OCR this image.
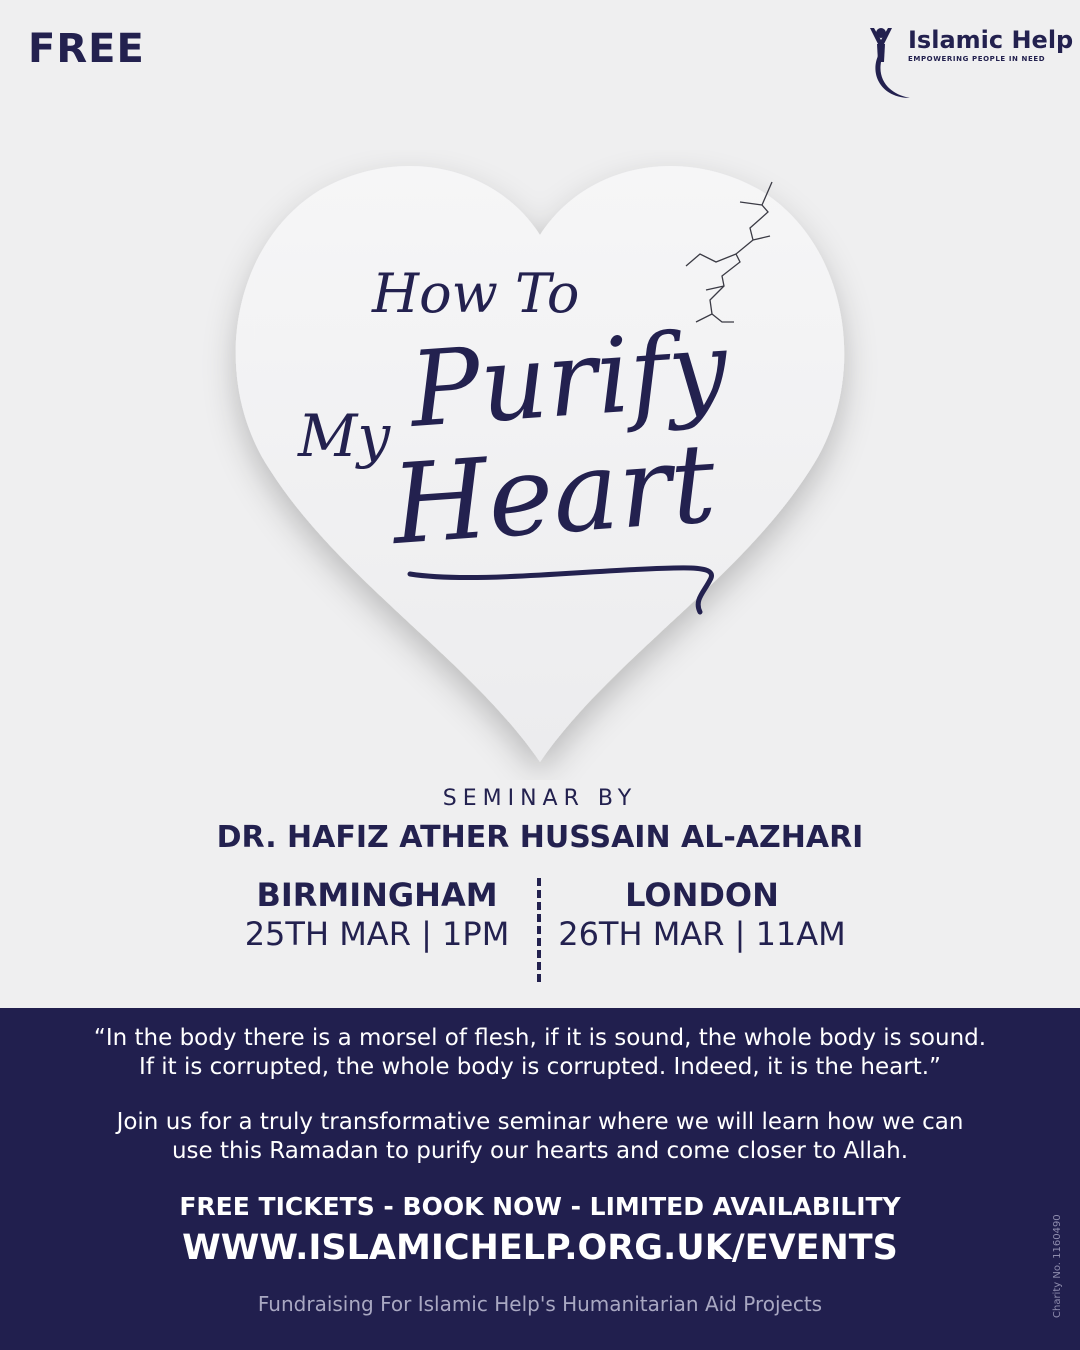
FREE	Islamic Help
EMPOWERING PEOPLE IN NEED
How To
Purify
My
Heart
SEMINAR BY
DR. HAFIZ ATHER HUSSAIN AL-AZHARI
BIRMINGHAM
25TH MAR | 1PM
LONDON
26TH MAR | 11AM
“In the body there is a morsel of flesh, if it is sound, the whole body is sound.
If it is corrupted, the whole body is corrupted. Indeed, it is the heart.”
Join us for a truly transformative seminar where we will learn how we can
use this Ramadan to purify our hearts and come closer to Allah.
FREE TICKETS - BOOK NOW - LIMITED AVAILABILITY
WWW.ISLAMICHELP.ORG.UK/EVENTS
Fundraising For Islamic Help's Humanitarian Aid Projects	Charity No. 1160490
